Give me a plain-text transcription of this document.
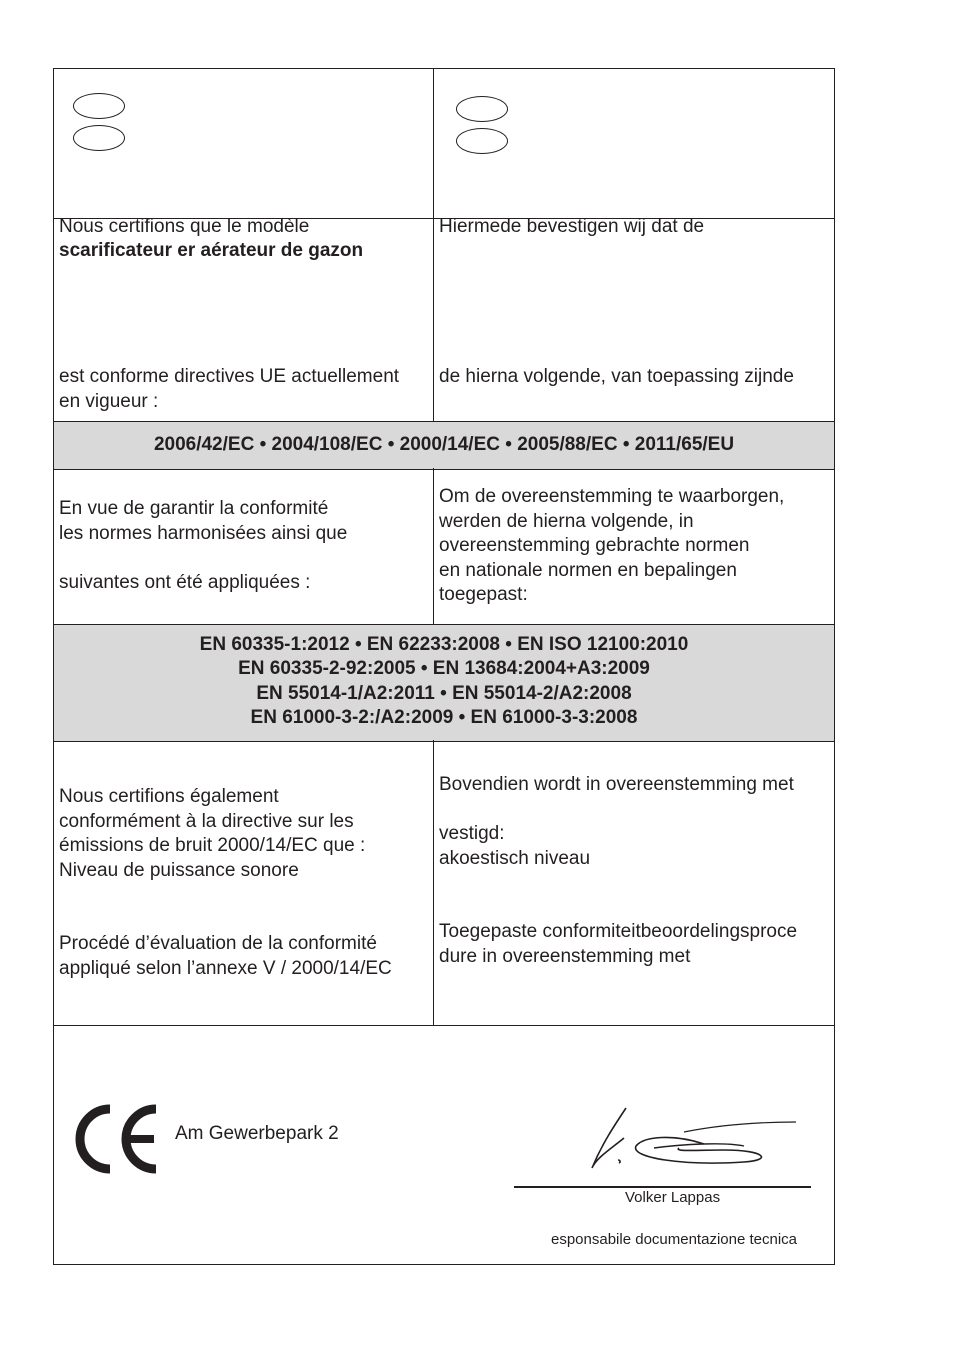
Nous certifions que le modèle
scarificateur er aérateur de gazon
est conforme directives UE actuellement
en vigueur :
En vue de garantir la conformité
les normes harmonisées ainsi que

suivantes ont été appliquées :
Nous certifions également
conformément à la directive sur les
émissions de bruit 2000/14/EC que :
Niveau de puissance sonore
Procédé d’évaluation de la conformité
appliqué selon l’annexe V / 2000/14/EC
Hiermede bevestigen wij dat de
de hierna volgende, van toepassing zijnde
Om de overeenstemming te waarborgen,
werden de hierna volgende, in
overeenstemming gebrachte normen
en nationale normen en bepalingen
toegepast:
Bovendien wordt in overeenstemming met

vestigd:
akoestisch niveau
Toegepaste conformiteitbeoordelingsproce
dure in overeenstemming met
2006/42/EC • 2004/108/EC • 2000/14/EC • 2005/88/EC • 2011/65/EU
EN 60335-1:2012 • EN 62233:2008 • EN ISO 12100:2010
EN 60335-2-92:2005 • EN 13684:2004+A3:2009
EN 55014-1/A2:2011 • EN 55014-2/A2:2008
EN 61000-3-2:/A2:2009 • EN 61000-3-3:2008
Am Gewerbepark 2
Volker Lappas
esponsabile documentazione tecnica
